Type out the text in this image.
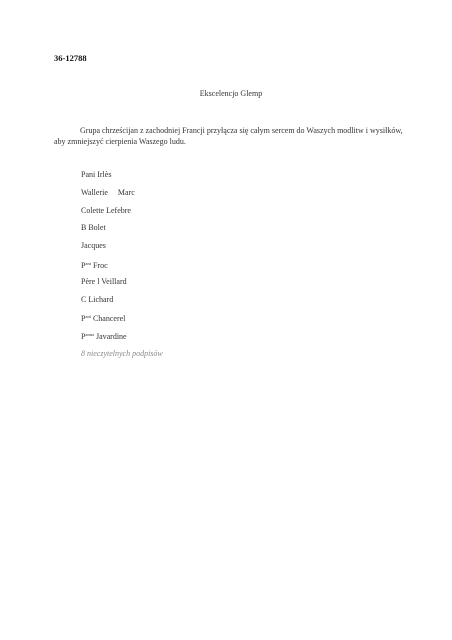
36-12788
Ekscelencjo Glemp
Grupa chrześcijan z zachodniej Francji przyłącza się całym sercem do Waszych modlitw i wysiłków, aby zmniejszyć cierpienia Waszego ludu.
Pani Irlès
Wallerie     Marc
Colette Lefebre
B Bolet
Jacques
$P^{ani}$ Froc
Père l Veillard
C Lichard
$P^{ani}$ Chancerel
$P^{anna}$ Javardine
8 nieczytelnych podpisów
